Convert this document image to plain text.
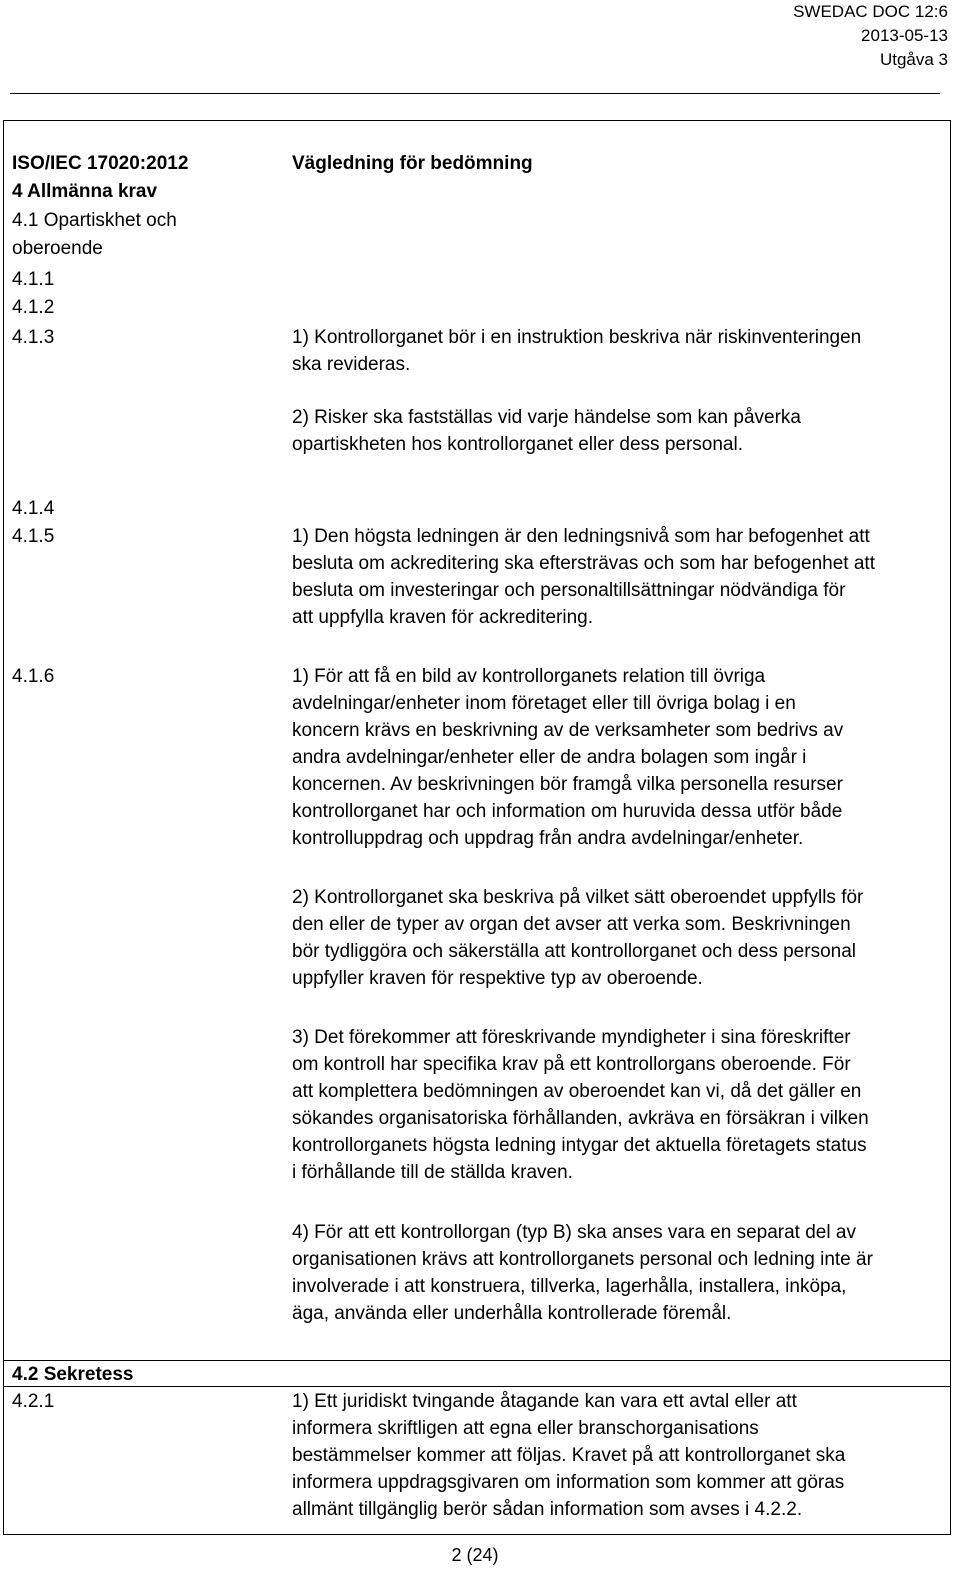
SWEDAC DOC 12:6
2013-05-13
Utgåva 3
ISO/IEC 17020:2012	Vägledning för bedömning
4 Allmänna krav
4.1 Opartiskhet och
oberoende
4.1.1
4.1.2
4.1.3	1) Kontrollorganet bör i en instruktion beskriva när riskinventeringen
ska revideras.
2) Risker ska fastställas vid varje händelse som kan påverka
opartiskheten hos kontrollorganet eller dess personal.
4.1.4
4.1.5	1) Den högsta ledningen är den ledningsnivå som har befogenhet att
besluta om ackreditering ska eftersträvas och som har befogenhet att
besluta om investeringar och personaltillsättningar nödvändiga för
att uppfylla kraven för ackreditering.
4.1.6	1) För att få en bild av kontrollorganets relation till övriga
avdelningar/enheter inom företaget eller till övriga bolag i en
koncern krävs en beskrivning av de verksamheter som bedrivs av
andra avdelningar/enheter eller de andra bolagen som ingår i
koncernen. Av beskrivningen bör framgå vilka personella resurser
kontrollorganet har och information om huruvida dessa utför både
kontrolluppdrag och uppdrag från andra avdelningar/enheter.
2) Kontrollorganet ska beskriva på vilket sätt oberoendet uppfylls för
den eller de typer av organ det avser att verka som. Beskrivningen
bör tydliggöra och säkerställa att kontrollorganet och dess personal
uppfyller kraven för respektive typ av oberoende.
3) Det förekommer att föreskrivande myndigheter i sina föreskrifter
om kontroll har specifika krav på ett kontrollorgans oberoende. För
att komplettera bedömningen av oberoendet kan vi, då det gäller en
sökandes organisatoriska förhållanden, avkräva en försäkran i vilken
kontrollorganets högsta ledning intygar det aktuella företagets status
i förhållande till de ställda kraven.
4) För att ett kontrollorgan (typ B) ska anses vara en separat del av
organisationen krävs att kontrollorganets personal och ledning inte är
involverade i att konstruera, tillverka, lagerhålla, installera, inköpa,
äga, använda eller underhålla kontrollerade föremål.
4.2 Sekretess
4.2.1	1) Ett juridiskt tvingande åtagande kan vara ett avtal eller att
informera skriftligen att egna eller branschorganisations
bestämmelser kommer att följas. Kravet på att kontrollorganet ska
informera uppdragsgivaren om information som kommer att göras
allmänt tillgänglig berör sådan information som avses i 4.2.2.
2 (24)
